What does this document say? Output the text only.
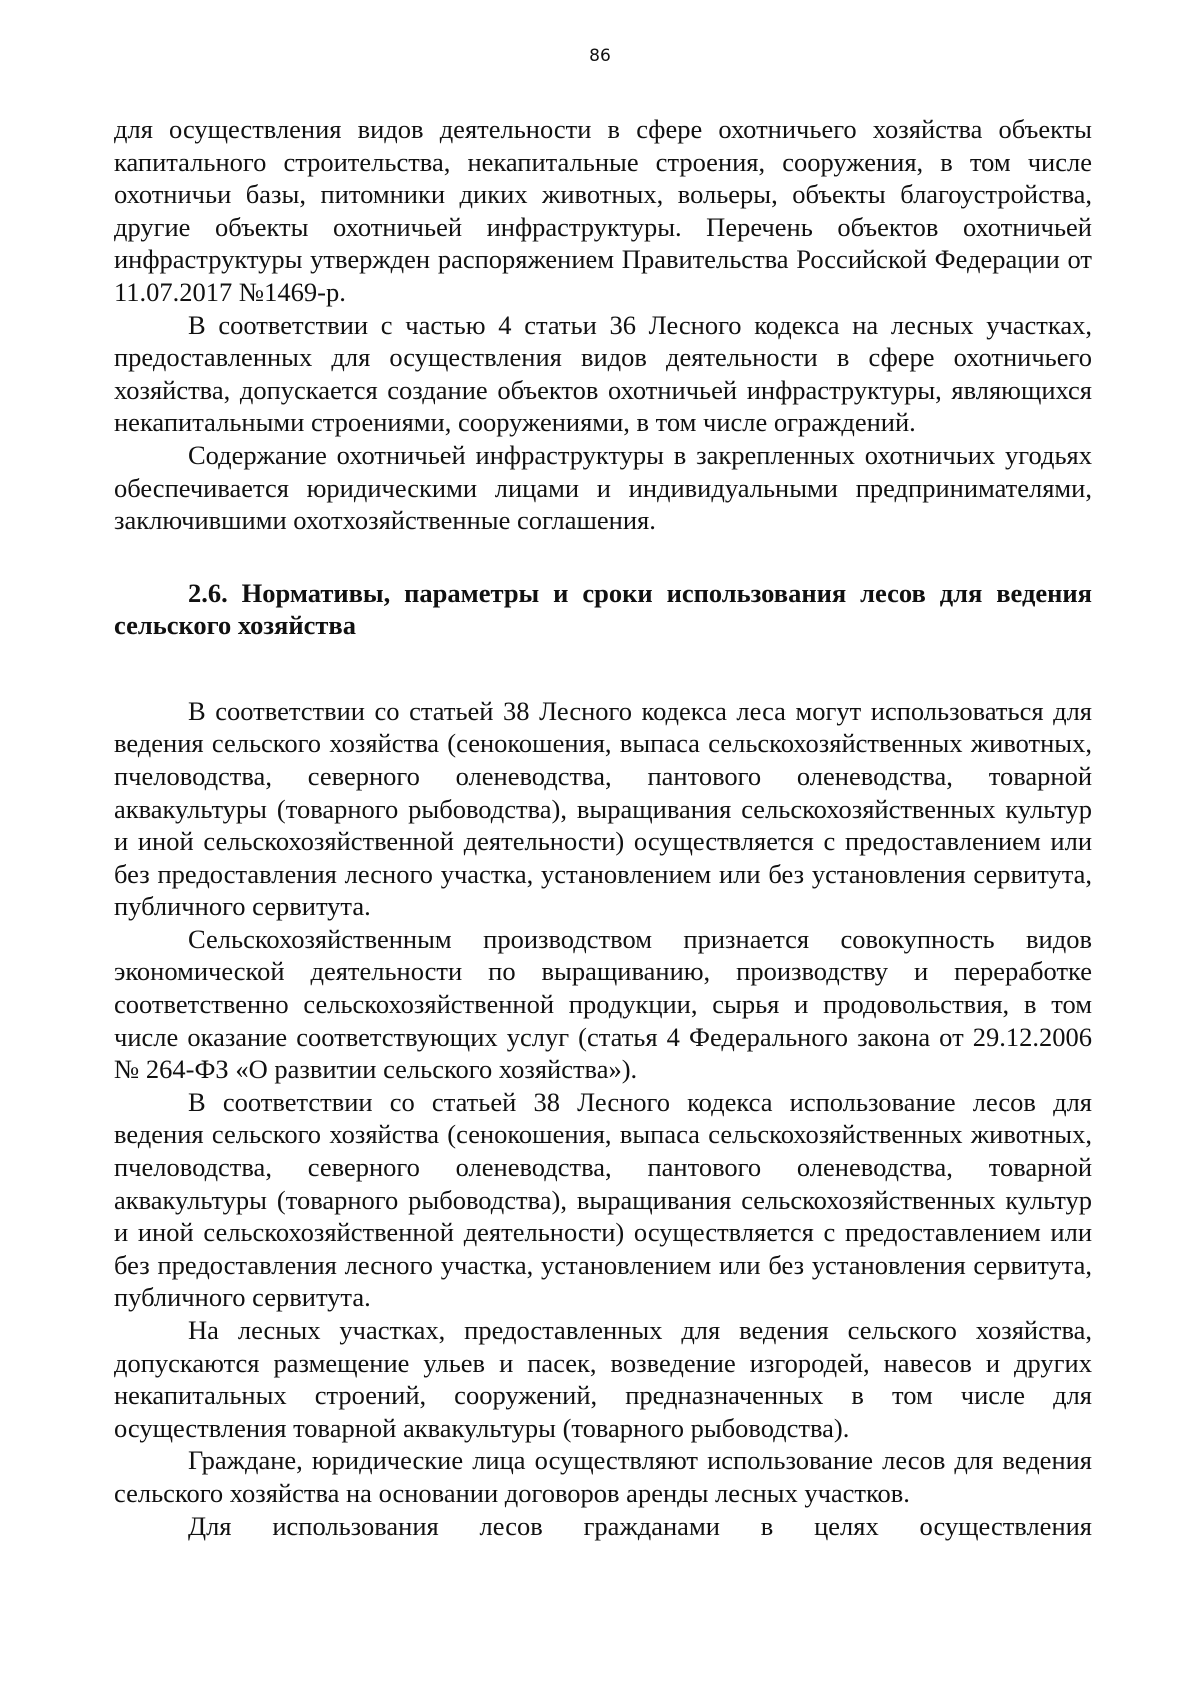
86

для осуществления видов деятельности в сфере охотничьего хозяйства объекты капитального строительства, некапитальные строения, сооружения, в том числе охотничьи базы, питомники диких животных, вольеры, объекты благоустройства, другие объекты охотничьей инфраструктуры. Перечень объектов охотничьей инфраструктуры утвержден распоряжением Правительства Российской Федерации от 11.07.2017 №1469-р.

В соответствии с частью 4 статьи 36 Лесного кодекса на лесных участках, предоставленных для осуществления видов деятельности в сфере охотничьего хозяйства, допускается создание объектов охотничьей инфраструктуры, являющихся некапитальными строениями, сооружениями, в том числе ограждений.

Содержание охотничьей инфраструктуры в закрепленных охотничьих угодьях обеспечивается юридическими лицами и индивидуальными предпринимателями, заключившими охотхозяйственные соглашения.

2.6. Нормативы, параметры и сроки использования лесов для ведения сельского хозяйства

В соответствии со статьей 38 Лесного кодекса леса могут использоваться для ведения сельского хозяйства (сенокошения, выпаса сельскохозяйственных животных, пчеловодства, северного оленеводства, пантового оленеводства, товарной аквакультуры (товарного рыбоводства), выращивания сельскохозяйственных культур и иной сельскохозяйственной деятельности) осуществляется с предоставлением или без предоставления лесного участка, установлением или без установления сервитута, публичного сервитута.

Сельскохозяйственным производством признается совокупность видов экономической деятельности по выращиванию, производству и переработке соответственно сельскохозяйственной продукции, сырья и продовольствия, в том числе оказание соответствующих услуг (статья 4 Федерального закона от 29.12.2006 № 264-ФЗ «О развитии сельского хозяйства»).

В соответствии со статьей 38 Лесного кодекса использование лесов для ведения сельского хозяйства (сенокошения, выпаса сельскохозяйственных животных, пчеловодства, северного оленеводства, пантового оленеводства, товарной аквакультуры (товарного рыбоводства), выращивания сельскохозяйственных культур и иной сельскохозяйственной деятельности) осуществляется с предоставлением или без предоставления лесного участка, установлением или без установления сервитута, публичного сервитута.

На лесных участках, предоставленных для ведения сельского хозяйства, допускаются размещение ульев и пасек, возведение изгородей, навесов и других некапитальных строений, сооружений, предназначенных в том числе для осуществления товарной аквакультуры (товарного рыбоводства).

Граждане, юридические лица осуществляют использование лесов для ведения сельского хозяйства на основании договоров аренды лесных участков.

Для использования лесов гражданами в целях осуществления
